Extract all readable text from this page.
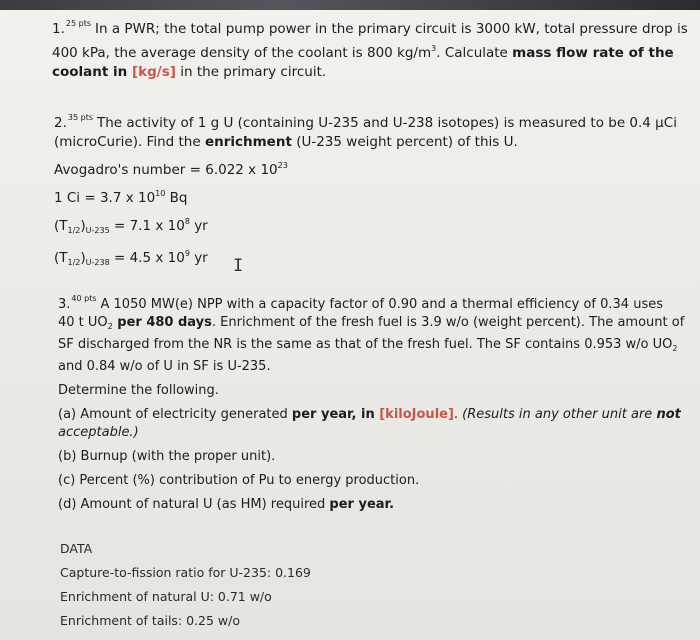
1.$^{25 pts}$ In a PWR; the total pump power in the primary circuit is 3000 kW, total pressure drop is
400 kPa, the average density of the coolant is 800 $kg/m^3$. Calculate mass flow rate of the
coolant in [kg/s] in the primary circuit.
2.$^{35 pts}$ The activity of 1 g U (containing U-235 and U-238 isotopes) is measured to be 0.4 μCi
(microCurie). Find the enrichment (U-235 weight percent) of this U.
Avogadro's number = 6.022 x $10^{23}$
1 Ci = 3.7 x $10^{10}$ Bq
$(T_{1/2})_{U-235} = 7.1$ x $10^8$ yr
$(T_{1/2})_{U-238} = 4.5$ x $10^9$ yr	I
3.$^{40 pts}$ A 1050 MW(e) NPP with a capacity factor of 0.90 and a thermal efficiency of 0.34 uses
40 t $UO_2$ per 480 days. Enrichment of the fresh fuel is 3.9 w/o (weight percent). The amount of
SF discharged from the NR is the same as that of the fresh fuel. The SF contains 0.953 w/o $UO_2$
and 0.84 w/o of U in SF is U-235.
Determine the following.
(a) Amount of electricity generated per year, in [kiloJoule]. (Results in any other unit are not
acceptable.)
(b) Burnup (with the proper unit).
(c) Percent (%) contribution of Pu to energy production.
(d) Amount of natural U (as HM) required per year.
DATA
Capture-to-fission ratio for U-235: 0.169
Enrichment of natural U: 0.71 w/o
Enrichment of tails: 0.25 w/o
